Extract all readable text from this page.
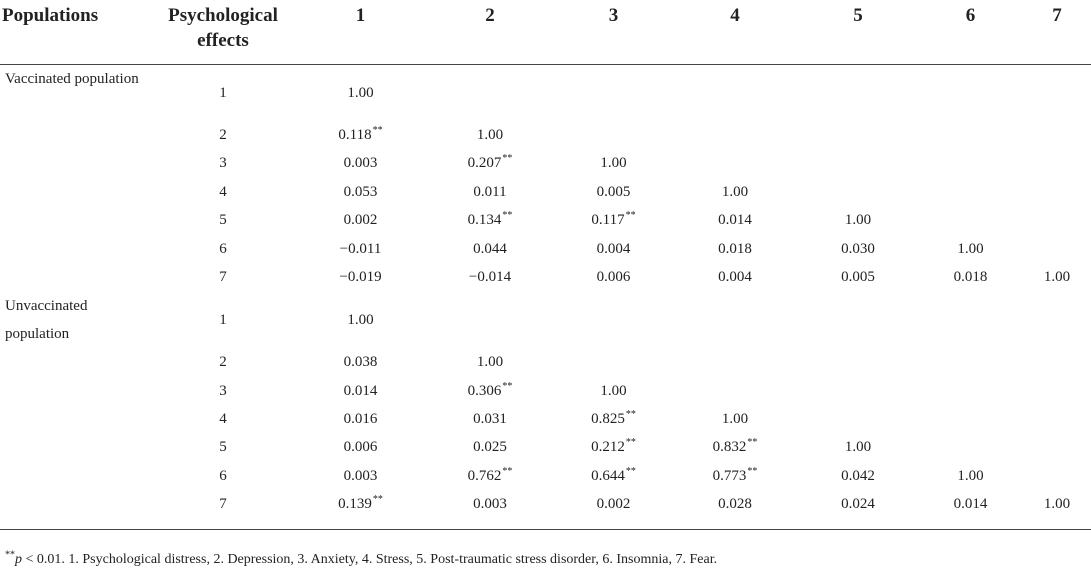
Populations	Psychological effects	1	2	3	4	5	6	7
Vaccinated population	1	1.00						
	2	0.118**	1.00					
	3	0.003	0.207**	1.00				
	4	0.053	0.011	0.005	1.00			
	5	0.002	0.134**	0.117**	0.014	1.00		
	6	−0.011	0.044	0.004	0.018	0.030	1.00	
	7	−0.019	−0.014	0.006	0.004	0.005	0.018	1.00
Unvaccinated population	1	1.00						
	2	0.038	1.00					
	3	0.014	0.306**	1.00				
	4	0.016	0.031	0.825**	1.00			
	5	0.006	0.025	0.212**	0.832**	1.00		
	6	0.003	0.762**	0.644**	0.773**	0.042	1.00	
	7	0.139**	0.003	0.002	0.028	0.024	0.014	1.00
**p < 0.01. 1. Psychological distress, 2. Depression, 3. Anxiety, 4. Stress, 5. Post-traumatic stress disorder, 6. Insomnia, 7. Fear.
